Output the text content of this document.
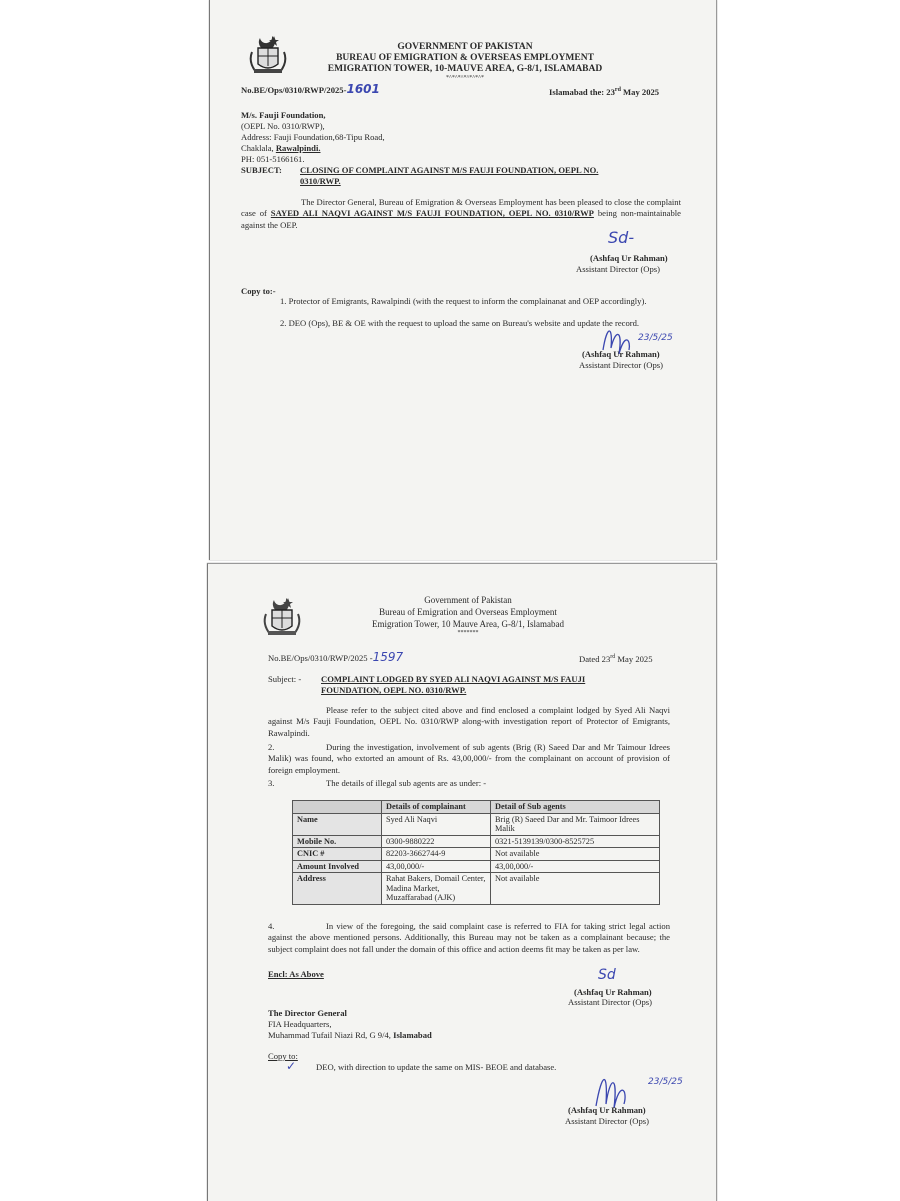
GOVERNMENT OF PAKISTAN
BUREAU OF EMIGRATION & OVERSEAS EMPLOYMENT
EMIGRATION TOWER, 10-MAUVE AREA, G-8/1, ISLAMABAD
*^*^*^*^*^*^*
No.BE/Ops/0310/RWP/2025-1601	Islamabad the: 23rd May 2025
M/s. Fauji Foundation,
(OEPL No. 0310/RWP),
Address: Fauji Foundation,68-Tipu Road,
Chaklala, Rawalpindi.
PH: 051-5166161.
SUBJECT: CLOSING OF COMPLAINT AGAINST M/S FAUJI FOUNDATION, OEPL NO.
0310/RWP.
The Director General, Bureau of Emigration & Overseas Employment has been pleased to close the complaint case of SAYED ALI NAQVI AGAINST M/S FAUJI FOUNDATION, OEPL NO. 0310/RWP being non-maintainable against the OEP.
Sd-
(Ashfaq Ur Rahman)
Assistant Director (Ops)
Copy to:-
1. Protector of Emigrants, Rawalpindi (with the request to inform the complainanat and OEP accordingly).
2. DEO (Ops), BE & OE with the request to upload the same on Bureau's website and update the record.
23/5/25
(Ashfaq Ur Rahman)
Assistant Director (Ops)
Government of Pakistan
Bureau of Emigration and Overseas Employment
Emigration Tower, 10 Mauve Area, G-8/1, Islamabad
*******
No.BE/Ops/0310/RWP/2025 -1597	Dated 23rd May 2025
Subject: - COMPLAINT LODGED BY SYED ALI NAQVI AGAINST M/S FAUJI
FOUNDATION, OEPL NO. 0310/RWP.
Please refer to the subject cited above and find enclosed a complaint lodged by Syed Ali Naqvi against M/s Fauji Foundation, OEPL No. 0310/RWP along-with investigation report of Protector of Emigrants, Rawalpindi.
2.	During the investigation, involvement of sub agents (Brig (R) Saeed Dar and Mr Taimour Idrees Malik) was found, who extorted an amount of Rs. 43,00,000/- from the complainant on account of provision of foreign employment.
3.	The details of illegal sub agents are as under: -
	Details of complainant	Detail of Sub agents
Name	Syed Ali Naqvi	Brig (R) Saeed Dar and Mr. Taimoor Idrees Malik
Mobile No.	0300-9880222	0321-5139139/0300-8525725
CNIC #	82203-3662744-9	Not available
Amount Involved	43,00,000/-	43,00,000/-
Address	Rahat Bakers, Domail Center, Madina Market, Muzaffarabad (AJK)	Not available
4.	In view of the foregoing, the said complaint case is referred to FIA for taking strict legal action against the above mentioned persons. Additionally, this Bureau may not be taken as a complainant because; the subject complaint does not fall under the domain of this office and action deems fit may be taken as per law.
Encl: As Above	Sd
(Ashfaq Ur Rahman)
Assistant Director (Ops)
The Director General
FIA Headquarters,
Muhammad Tufail Niazi Rd, G 9/4, Islamabad
Copy to:
✓ DEO, with direction to update the same on MIS- BEOE and database.
23/5/25
(Ashfaq Ur Rahman)
Assistant Director (Ops)
